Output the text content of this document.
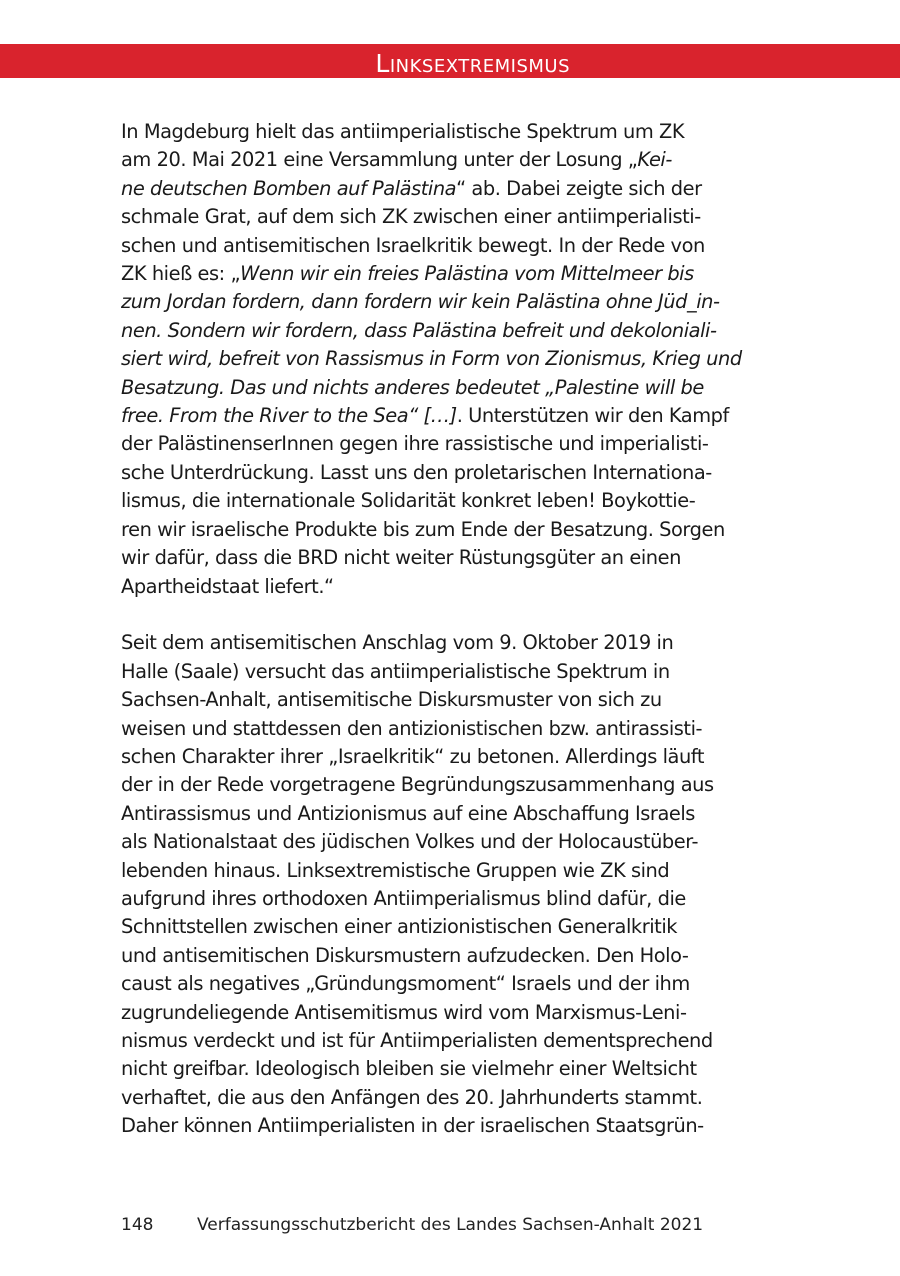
Linksextremismus

In Magdeburg hielt das antiimperialistische Spektrum um ZK
am 20. Mai 2021 eine Versammlung unter der Losung „Kei-
ne deutschen Bomben auf Palästina“ ab. Dabei zeigte sich der
schmale Grat, auf dem sich ZK zwischen einer antiimperialisti-
schen und antisemitischen Israelkritik bewegt. In der Rede von
ZK hieß es: „Wenn wir ein freies Palästina vom Mittelmeer bis
zum Jordan fordern, dann fordern wir kein Palästina ohne Jüd_in-
nen. Sondern wir fordern, dass Palästina befreit und dekoloniali-
siert wird, befreit von Rassismus in Form von Zionismus, Krieg und
Besatzung. Das und nichts anderes bedeutet „Palestine will be
free. From the River to the Sea“ […]. Unterstützen wir den Kampf
der PalästinenserInnen gegen ihre rassistische und imperialisti-
sche Unterdrückung. Lasst uns den proletarischen Internationa-
lismus, die internationale Solidarität konkret leben! Boykottie-
ren wir israelische Produkte bis zum Ende der Besatzung. Sorgen
wir dafür, dass die BRD nicht weiter Rüstungsgüter an einen
Apartheidstaat liefert.“

Seit dem antisemitischen Anschlag vom 9. Oktober 2019 in
Halle (Saale) versucht das antiimperialistische Spektrum in
Sachsen-Anhalt, antisemitische Diskursmuster von sich zu
weisen und stattdessen den antizionistischen bzw. antirassisti-
schen Charakter ihrer „Israelkritik“ zu betonen. Allerdings läuft
der in der Rede vorgetragene Begründungszusammenhang aus
Antirassismus und Antizionismus auf eine Abschaffung Israels
als Nationalstaat des jüdischen Volkes und der Holocaustüber-
lebenden hinaus. Linksextremistische Gruppen wie ZK sind
aufgrund ihres orthodoxen Antiimperialismus blind dafür, die
Schnittstellen zwischen einer antizionistischen Generalkritik
und antisemitischen Diskursmustern aufzudecken. Den Holo-
caust als negatives „Gründungsmoment“ Israels und der ihm
zugrundeliegende Antisemitismus wird vom Marxismus-Leni-
nismus verdeckt und ist für Antiimperialisten dementsprechend
nicht greifbar. Ideologisch bleiben sie vielmehr einer Weltsicht
verhaftet, die aus den Anfängen des 20. Jahrhunderts stammt.
Daher können Antiimperialisten in der israelischen Staatsgrün-

148	Verfassungsschutzbericht des Landes Sachsen-Anhalt 2021
